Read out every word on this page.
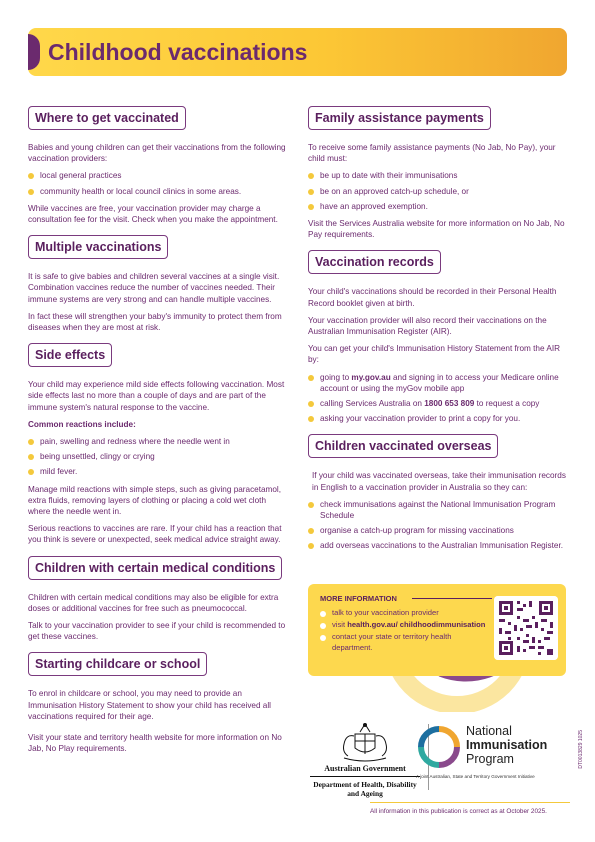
Childhood vaccinations
Where to get vaccinated

Babies and young children can get their vaccinations from the following vaccination providers:

local general practices
community health or local council clinics in some areas.

While vaccines are free, your vaccination provider may charge a consultation fee for the visit. Check when you make the appointment.

Multiple vaccinations

It is safe to give babies and children several vaccines at a single visit. Combination vaccines reduce the number of vaccines needed. Their immune systems are very strong and can handle multiple vaccines.

In fact these will strengthen your baby's immunity to protect them from diseases when they are most at risk.

Side effects

Your child may experience mild side effects following vaccination. Most side effects last no more than a couple of days and are part of the immune system's natural response to the vaccine.

Common reactions include:

pain, swelling and redness where the needle went in
being unsettled, clingy or crying
mild fever.

Manage mild reactions with simple steps, such as giving paracetamol, extra fluids, removing layers of clothing or placing a cold wet cloth where the needle went in.

Serious reactions to vaccines are rare. If your child has a reaction that you think is severe or unexpected, seek medical advice straight away.

Children with certain medical conditions

Children with certain medical conditions may also be eligible for extra doses or additional vaccines for free such as pneumococcal.

Talk to your vaccination provider to see if your child is recommended to get these vaccines.

Starting childcare or school

To enrol in childcare or school, you may need to provide an Immunisation History Statement to show your child has received all vaccinations required for their age.

Visit your state and territory health website for more information on No Jab, No Play requirements.

Family assistance payments

To receive some family assistance payments (No Jab, No Pay), your child must:

be up to date with their immunisations
be on an approved catch-up schedule, or
have an approved exemption.

Visit the Services Australia website for more information on No Jab, No Pay requirements.

Vaccination records

Your child's vaccinations should be recorded in their Personal Health Record booklet given at birth.

Your vaccination provider will also record their vaccinations on the Australian Immunisation Register (AIR).

You can get your child's Immunisation History Statement from the AIR by:

going to my.gov.au and signing in to access your Medicare online account or using the myGov mobile app
calling Services Australia on 1800 653 809 to request a copy
asking your vaccination provider to print a copy for you.
Children vaccinated overseas

If your child was vaccinated overseas, take their immunisation records in English to a vaccination provider in Australia so they can:

check immunisations against the National Immunisation Program Schedule
organise a catch-up program for missing vaccinations
add overseas vaccinations to the Australian Immunisation Register.
MORE INFORMATION
talk to your vaccination provider
visit health.gov.au/ childhoodimmunisation
contact your state or territory health department.
Australian Government
Department of Health, Disability and Ageing
National
Immunisation
Program
A joint Australian, State and Territory Government Initiative
DT0013829 1025
All information in this publication is correct as at October 2025.
